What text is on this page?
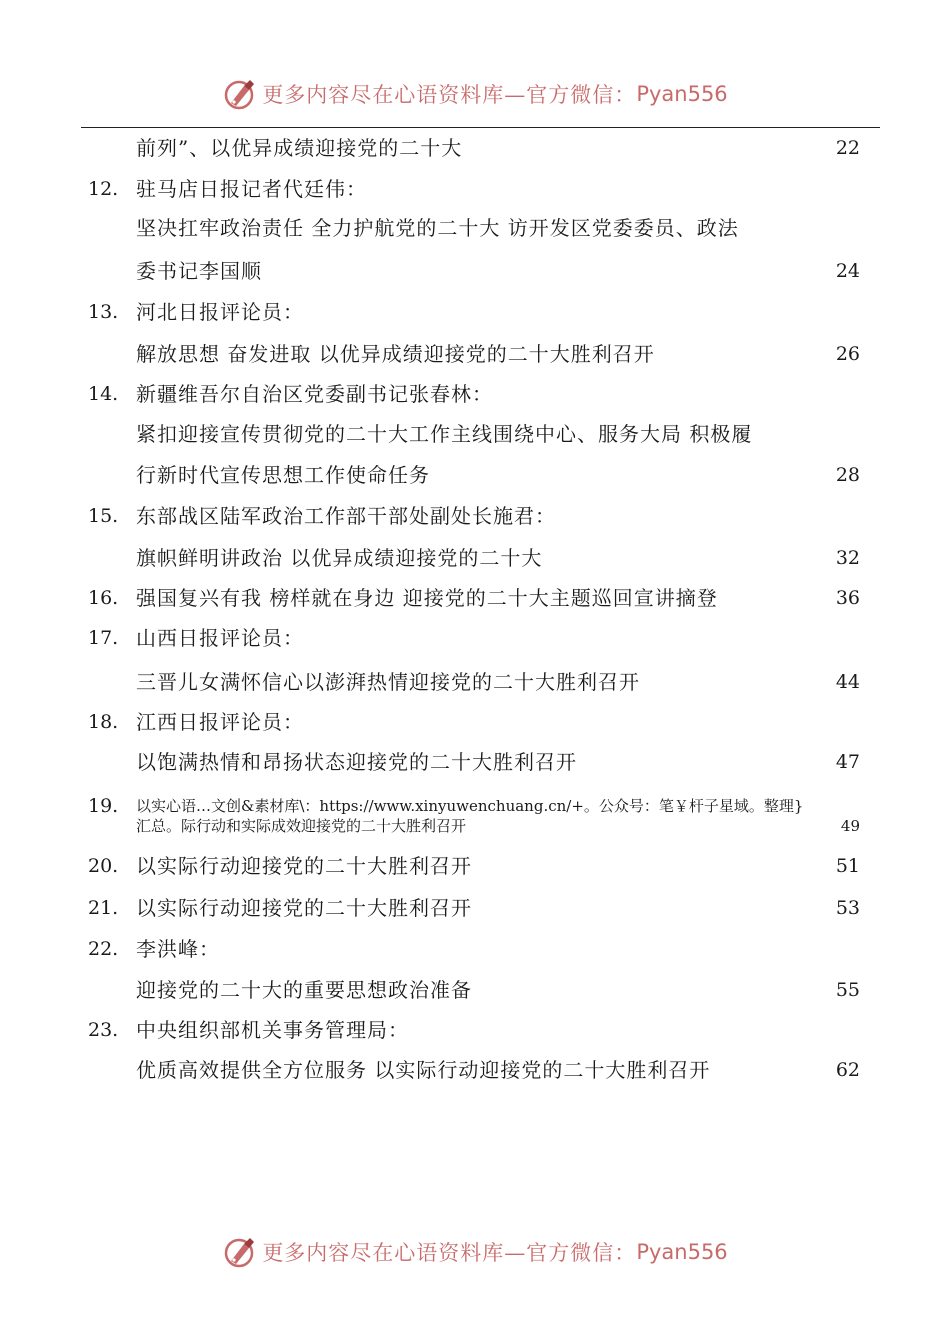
更多内容尽在心语资料库—官方微信： Pyan556
前列”、以优异成绩迎接党的二十大	22
12. 驻马店日报记者代廷伟：
坚决扛牢政治责任 全力护航党的二十大 访开发区党委委员、政法
委书记李国顺	24
13. 河北日报评论员：
解放思想 奋发进取 以优异成绩迎接党的二十大胜利召开	26
14. 新疆维吾尔自治区党委副书记张春林：
紧扣迎接宣传贯彻党的二十大工作主线围绕中心、服务大局 积极履
行新时代宣传思想工作使命任务	28
15. 东部战区陆军政治工作部干部处副处长施君：
旗帜鲜明讲政治 以优异成绩迎接党的二十大	32
16. 强国复兴有我 榜样就在身边 迎接党的二十大主题巡回宣讲摘登	36
17. 山西日报评论员：
三晋儿女满怀信心以澎湃热情迎接党的二十大胜利召开	44
18. 江西日报评论员：
以饱满热情和昂扬状态迎接党的二十大胜利召开	47
19.	以实心语…文创&素材库\：https://www.xinyuwenchuang.cn/+。公众号：笔￥杆子星域。整理}
汇总。际行动和实际成效迎接党的二十大胜利召开	49
20. 以实际行动迎接党的二十大胜利召开	51
21. 以实际行动迎接党的二十大胜利召开	53
22. 李洪峰：
迎接党的二十大的重要思想政治准备	55
23. 中央组织部机关事务管理局：
优质高效提供全方位服务 以实际行动迎接党的二十大胜利召开	62
更多内容尽在心语资料库—官方微信： Pyan556
